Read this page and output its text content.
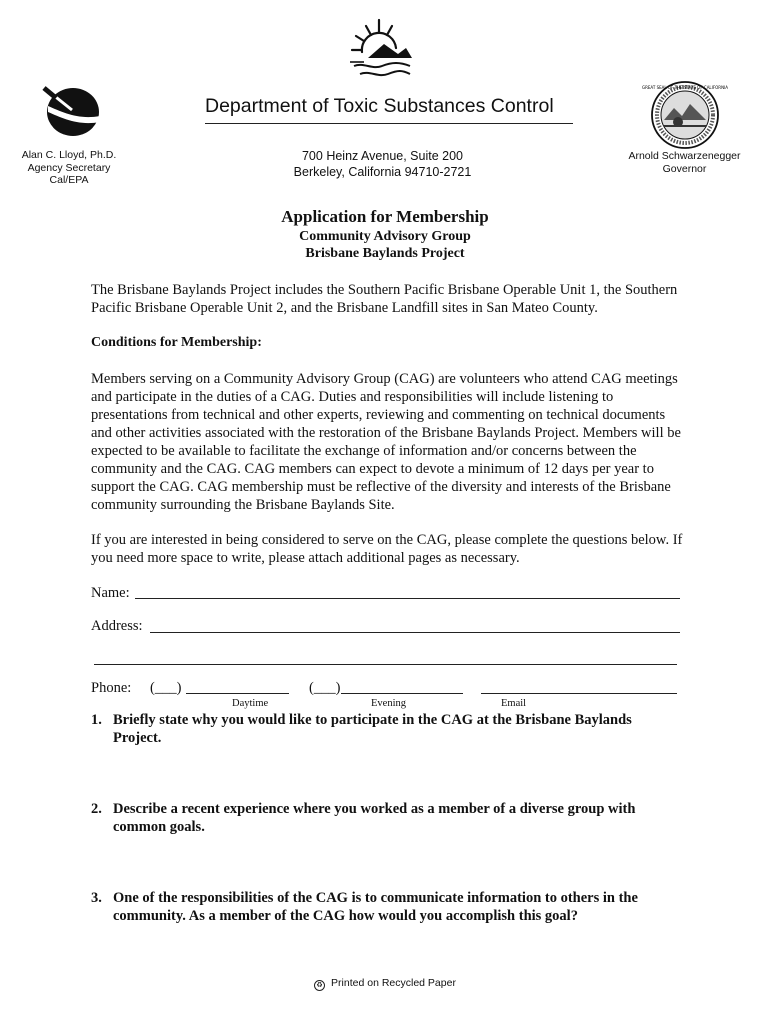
GREAT SEAL OF THE STATE OF CALIFORNIA
Department of Toxic Substances Control
Alan C. Lloyd, Ph.D.
Agency Secretary
Cal/EPA
700 Heinz Avenue, Suite 200
Berkeley, California 94710-2721
Arnold Schwarzenegger
Governor
Application for Membership
Community Advisory Group
Brisbane Baylands Project
The Brisbane Baylands Project includes the Southern Pacific Brisbane Operable Unit 1, the Southern Pacific Brisbane Operable Unit 2, and the Brisbane Landfill sites in San Mateo County.
Conditions for Membership:
Members serving on a Community Advisory Group (CAG) are volunteers who attend CAG meetings and participate in the duties of a CAG. Duties and responsibilities will include listening to presentations from technical and other experts, reviewing and commenting on technical documents and other activities associated with the restoration of the Brisbane Baylands Project. Members will be expected to be available to facilitate the exchange of information and/or concerns between the community and the CAG. CAG members can expect to devote a minimum of 12 days per year to support the CAG. CAG membership must be reflective of the diversity and interests of the Brisbane community surrounding the Brisbane Baylands Site.
If you are interested in being considered to serve on the CAG, please complete the questions below. If you need more space to write, please attach additional pages as necessary.
Name:
Address:
Phone: (___)	(___)
Daytime	Evening	Email
1. Briefly state why you would like to participate in the CAG at the Brisbane Baylands
Project.
2. Describe a recent experience where you worked as a member of a diverse group with
common goals.
3. One of the responsibilities of the CAG is to communicate information to others in the
community. As a member of the CAG how would you accomplish this goal?
♻ Printed on Recycled Paper
